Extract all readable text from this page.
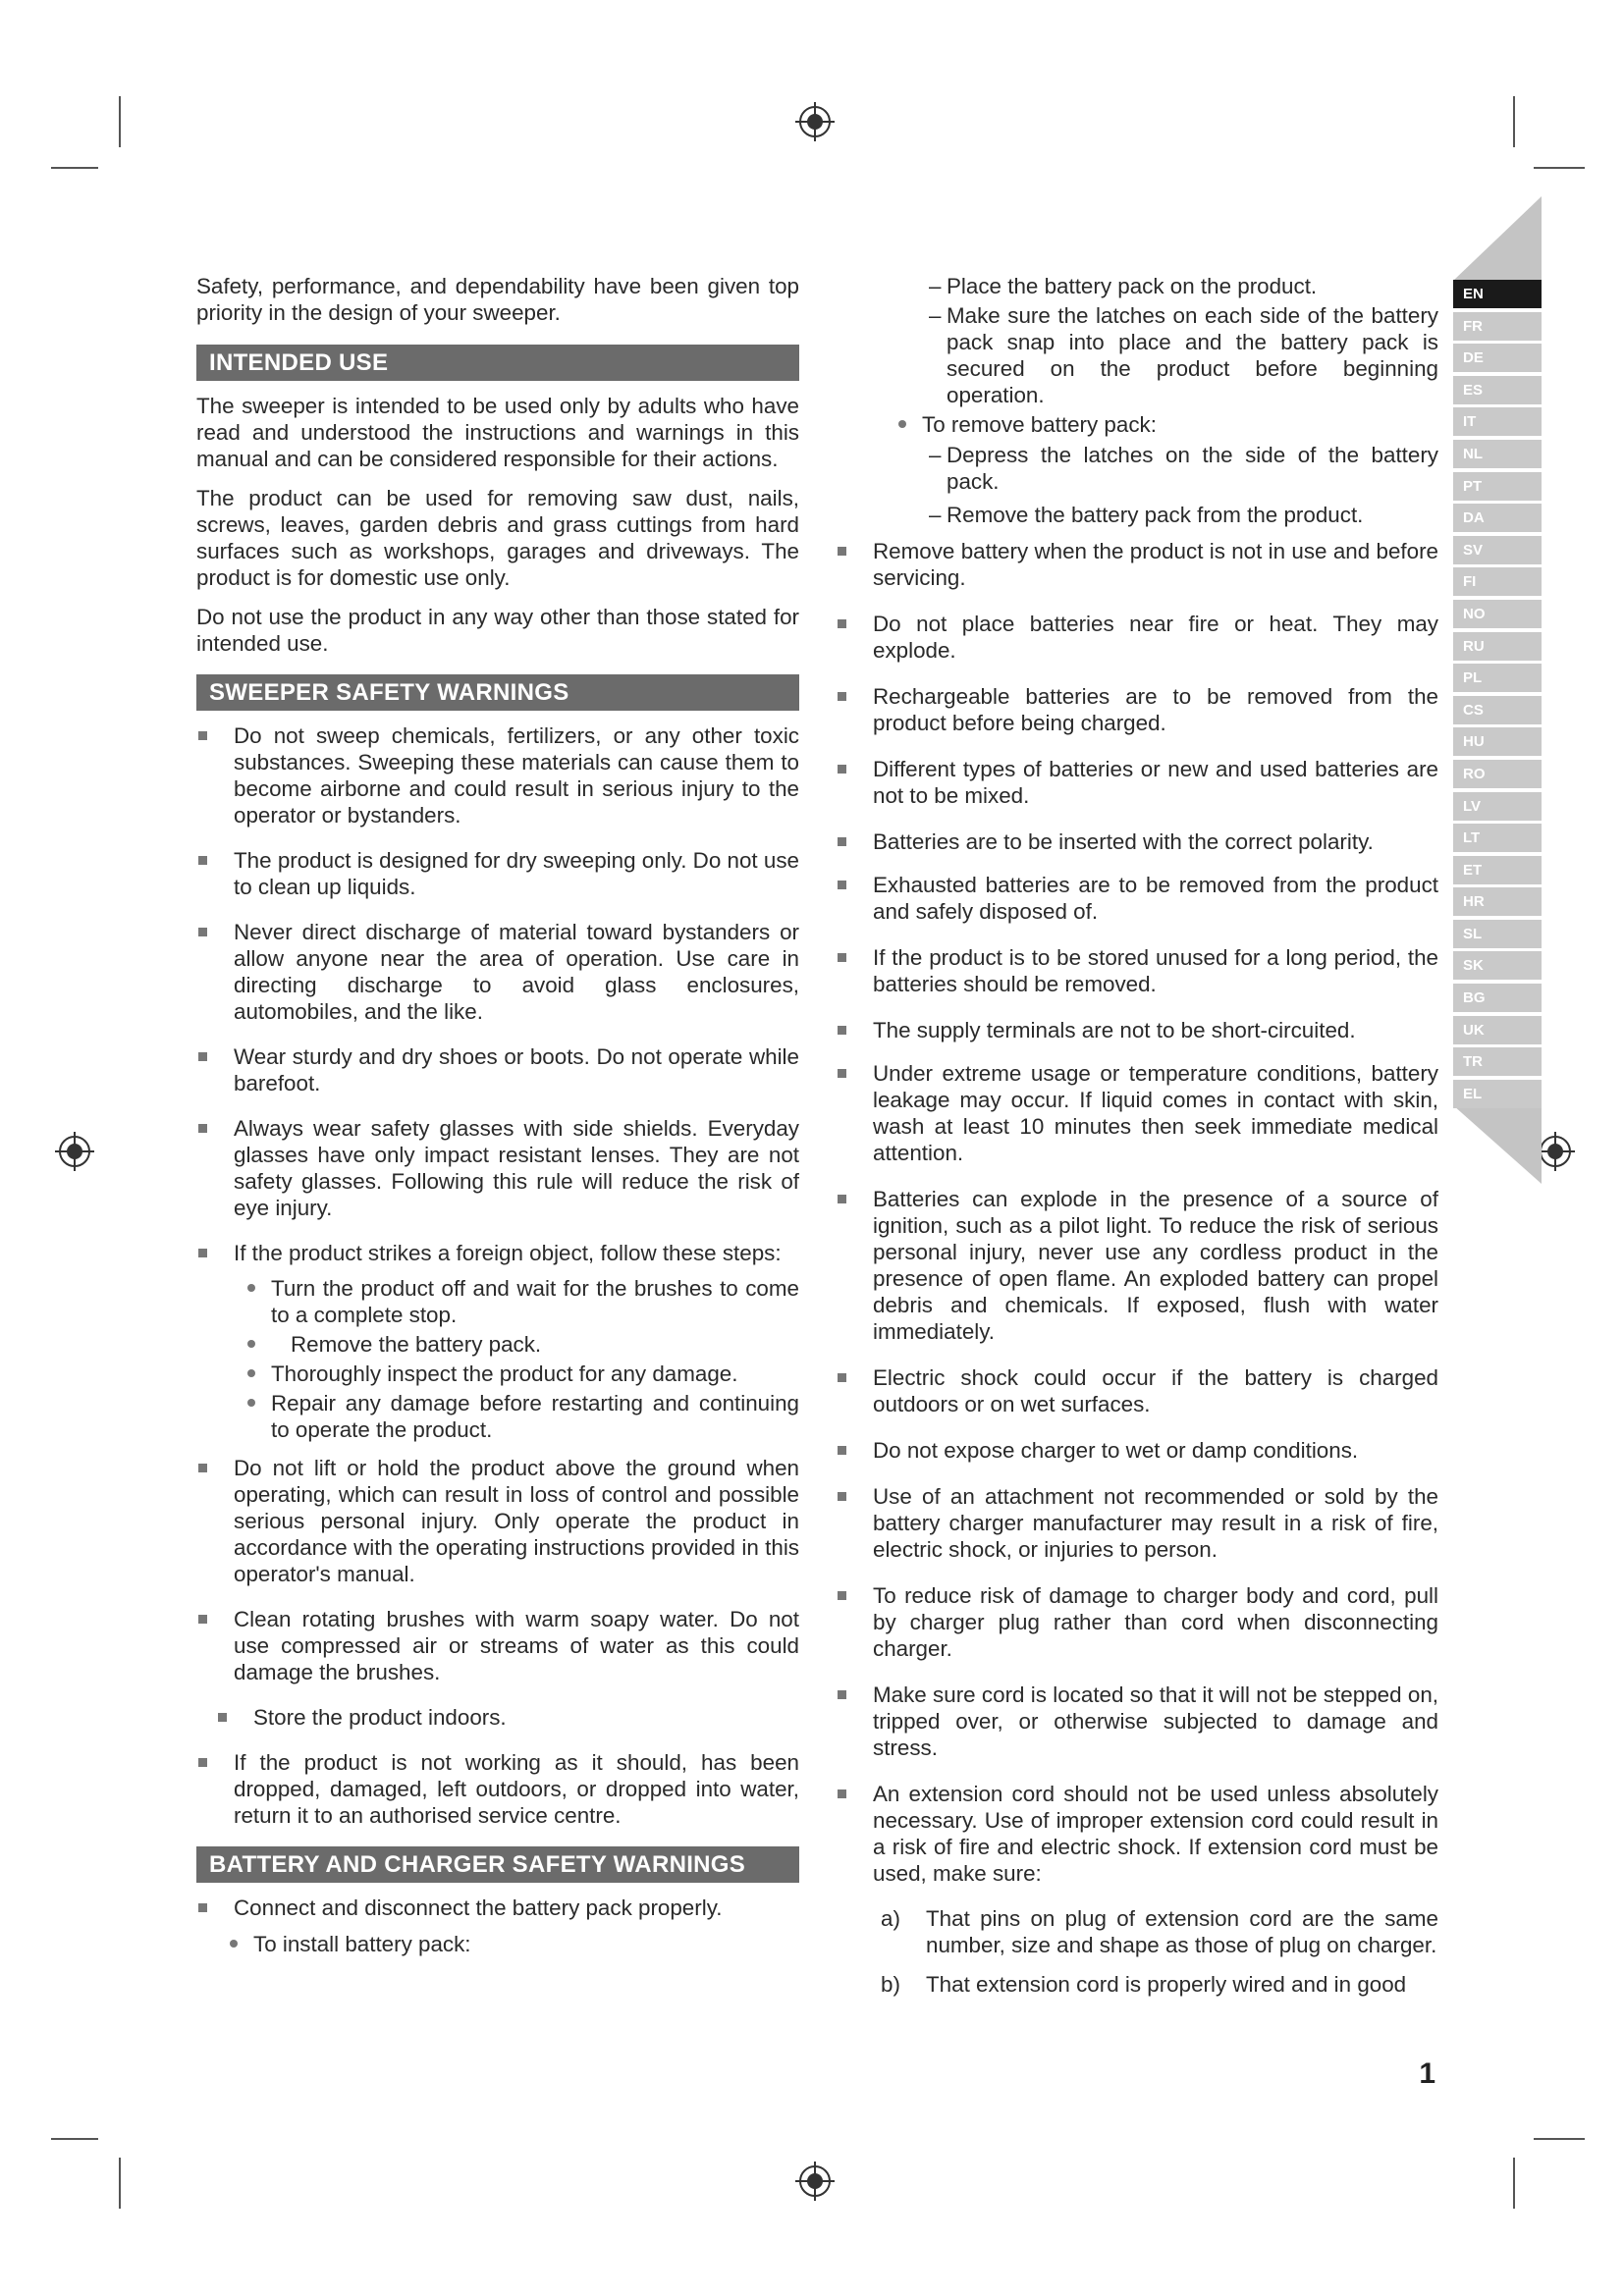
EN
FR
DE
ES
IT
NL
PT
DA
SV
FI
NO
RU
PL
CS
HU
RO
LV
LT
ET
HR
SL
SK
BG
UK
TR
EL

Safety, performance, and dependability have been given top priority in the design of your sweeper.

INTENDED USE

The sweeper is intended to be used only by adults who have read and understood the instructions and warnings in this manual and can be considered responsible for their actions.

The product can be used for removing saw dust, nails, screws, leaves, garden debris and grass cuttings from hard surfaces such as workshops, garages and driveways. The product is for domestic use only.

Do not use the product in any way other than those stated for intended use.

SWEEPER SAFETY WARNINGS

Do not sweep chemicals, fertilizers, or any other toxic substances. Sweeping these materials can cause them to become airborne and could result in serious injury to the operator or bystanders.

The product is designed for dry sweeping only. Do not use to clean up liquids.

Never direct discharge of material toward bystanders or allow anyone near the area of operation. Use care in directing discharge to avoid glass enclosures, automobiles, and the like.

Wear sturdy and dry shoes or boots. Do not operate while barefoot.

Always wear safety glasses with side shields. Everyday glasses have only impact resistant lenses. They are not safety glasses. Following this rule will reduce the risk of eye injury.

If the product strikes a foreign object, follow these steps:

Turn the product off and wait for the brushes to come to a complete stop.

Remove the battery pack.

Thoroughly inspect the product for any damage.

Repair any damage before restarting and continuing to operate the product.

Do not lift or hold the product above the ground when operating, which can result in loss of control and possible serious personal injury. Only operate the product in accordance with the operating instructions provided in this operator's manual.

Clean rotating brushes with warm soapy water. Do not use compressed air or streams of water as this could damage the brushes.

Store the product indoors.

If the product is not working as it should, has been dropped, damaged, left outdoors, or dropped into water, return it to an authorised service centre.

BATTERY AND CHARGER SAFETY WARNINGS

Connect and disconnect the battery pack properly.

To install battery pack:

– Place the battery pack on the product.

– Make sure the latches on each side of the battery pack snap into place and the battery pack is secured on the product before beginning operation.

To remove battery pack:

– Depress the latches on the side of the battery pack.

– Remove the battery pack from the product.

Remove battery when the product is not in use and before servicing.

Do not place batteries near fire or heat. They may explode.

Rechargeable batteries are to be removed from the product before being charged.

Different types of batteries or new and used batteries are not to be mixed.

Batteries are to be inserted with the correct polarity.

Exhausted batteries are to be removed from the product and safely disposed of.

If the product is to be stored unused for a long period, the batteries should be removed.

The supply terminals are not to be short-circuited.

Under extreme usage or temperature conditions, battery leakage may occur. If liquid comes in contact with skin, wash at least 10 minutes then seek immediate medical attention.

Batteries can explode in the presence of a source of ignition, such as a pilot light. To reduce the risk of serious personal injury, never use any cordless product in the presence of open flame. An exploded battery can propel debris and chemicals. If exposed, flush with water immediately.

Electric shock could occur if the battery is charged outdoors or on wet surfaces.

Do not expose charger to wet or damp conditions.

Use of an attachment not recommended or sold by the battery charger manufacturer may result in a risk of fire, electric shock, or injuries to person.

To reduce risk of damage to charger body and cord, pull by charger plug rather than cord when disconnecting charger.

Make sure cord is located so that it will not be stepped on, tripped over, or otherwise subjected to damage and stress.

An extension cord should not be used unless absolutely necessary. Use of improper extension cord could result in a risk of fire and electric shock. If extension cord must be used, make sure:

a) That pins on plug of extension cord are the same number, size and shape as those of plug on charger.

b) That extension cord is properly wired and in good

1
